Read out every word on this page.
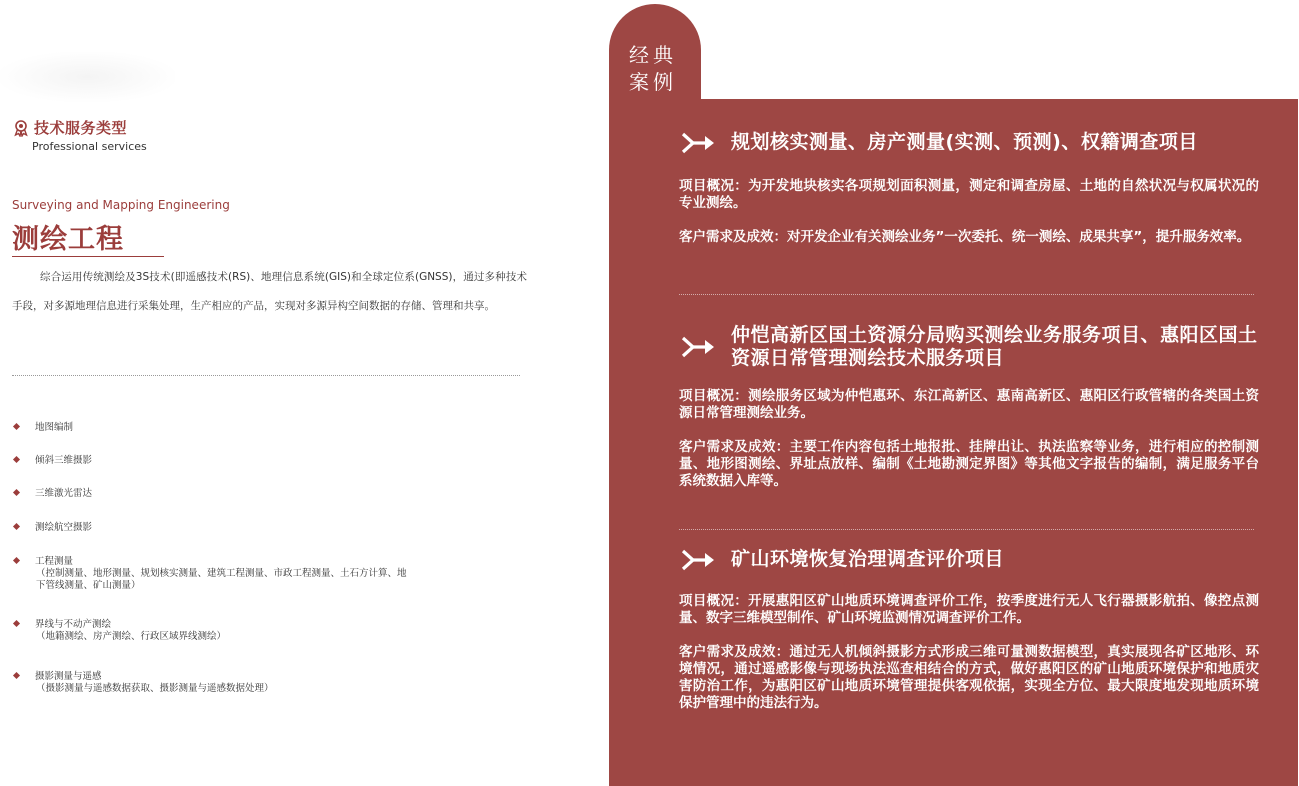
技术服务类型
Professional services
Surveying and Mapping Engineering
测绘工程

综合运用传统测绘及3S技术(即遥感技术(RS)、地理信息系统(GIS)和全球定位系(GNSS)，通过多种技术手段，对多源地理信息进行采集处理，生产相应的产品，实现对多源异构空间数据的存储、管理和共享。

地图编制
倾斜三维摄影
三维激光雷达
测绘航空摄影
工程测量
（控制测量、地形测量、规划核实测量、建筑工程测量、市政工程测量、土石方计算、地下管线测量、矿山测量）
界线与不动产测绘
（地籍测绘、房产测绘、行政区域界线测绘）
摄影测量与遥感
（摄影测量与遥感数据获取、摄影测量与遥感数据处理）
经典
案例
规划核实测量、房产测量(实测、预测)、权籍调查项目

项目概况：为开发地块核实各项规划面积测量，测定和调查房屋、土地的自然状况与权属状况的专业测绘。

客户需求及成效：对开发企业有关测绘业务”一次委托、统一测绘、成果共享”，提升服务效率。

仲恺高新区国土资源分局购买测绘业务服务项目、惠阳区国土资源日常管理测绘技术服务项目

项目概况：测绘服务区域为仲恺惠环、东江高新区、惠南高新区、惠阳区行政管辖的各类国土资源日常管理测绘业务。

客户需求及成效：主要工作内容包括土地报批、挂牌出让、执法监察等业务，进行相应的控制测量、地形图测绘、界址点放样、编制《土地勘测定界图》等其他文字报告的编制，满足服务平台系统数据入库等。

矿山环境恢复治理调查评价项目

项目概况：开展惠阳区矿山地质环境调查评价工作，按季度进行无人飞行器摄影航拍、像控点测量、数字三维模型制作、矿山环境监测情况调查评价工作。

客户需求及成效：通过无人机倾斜摄影方式形成三维可量测数据模型，真实展现各矿区地形、环境情况，通过遥感影像与现场执法巡查相结合的方式，做好惠阳区的矿山地质环境保护和地质灾害防治工作，为惠阳区矿山地质环境管理提供客观依据，实现全方位、最大限度地发现地质环境保护管理中的违法行为。
